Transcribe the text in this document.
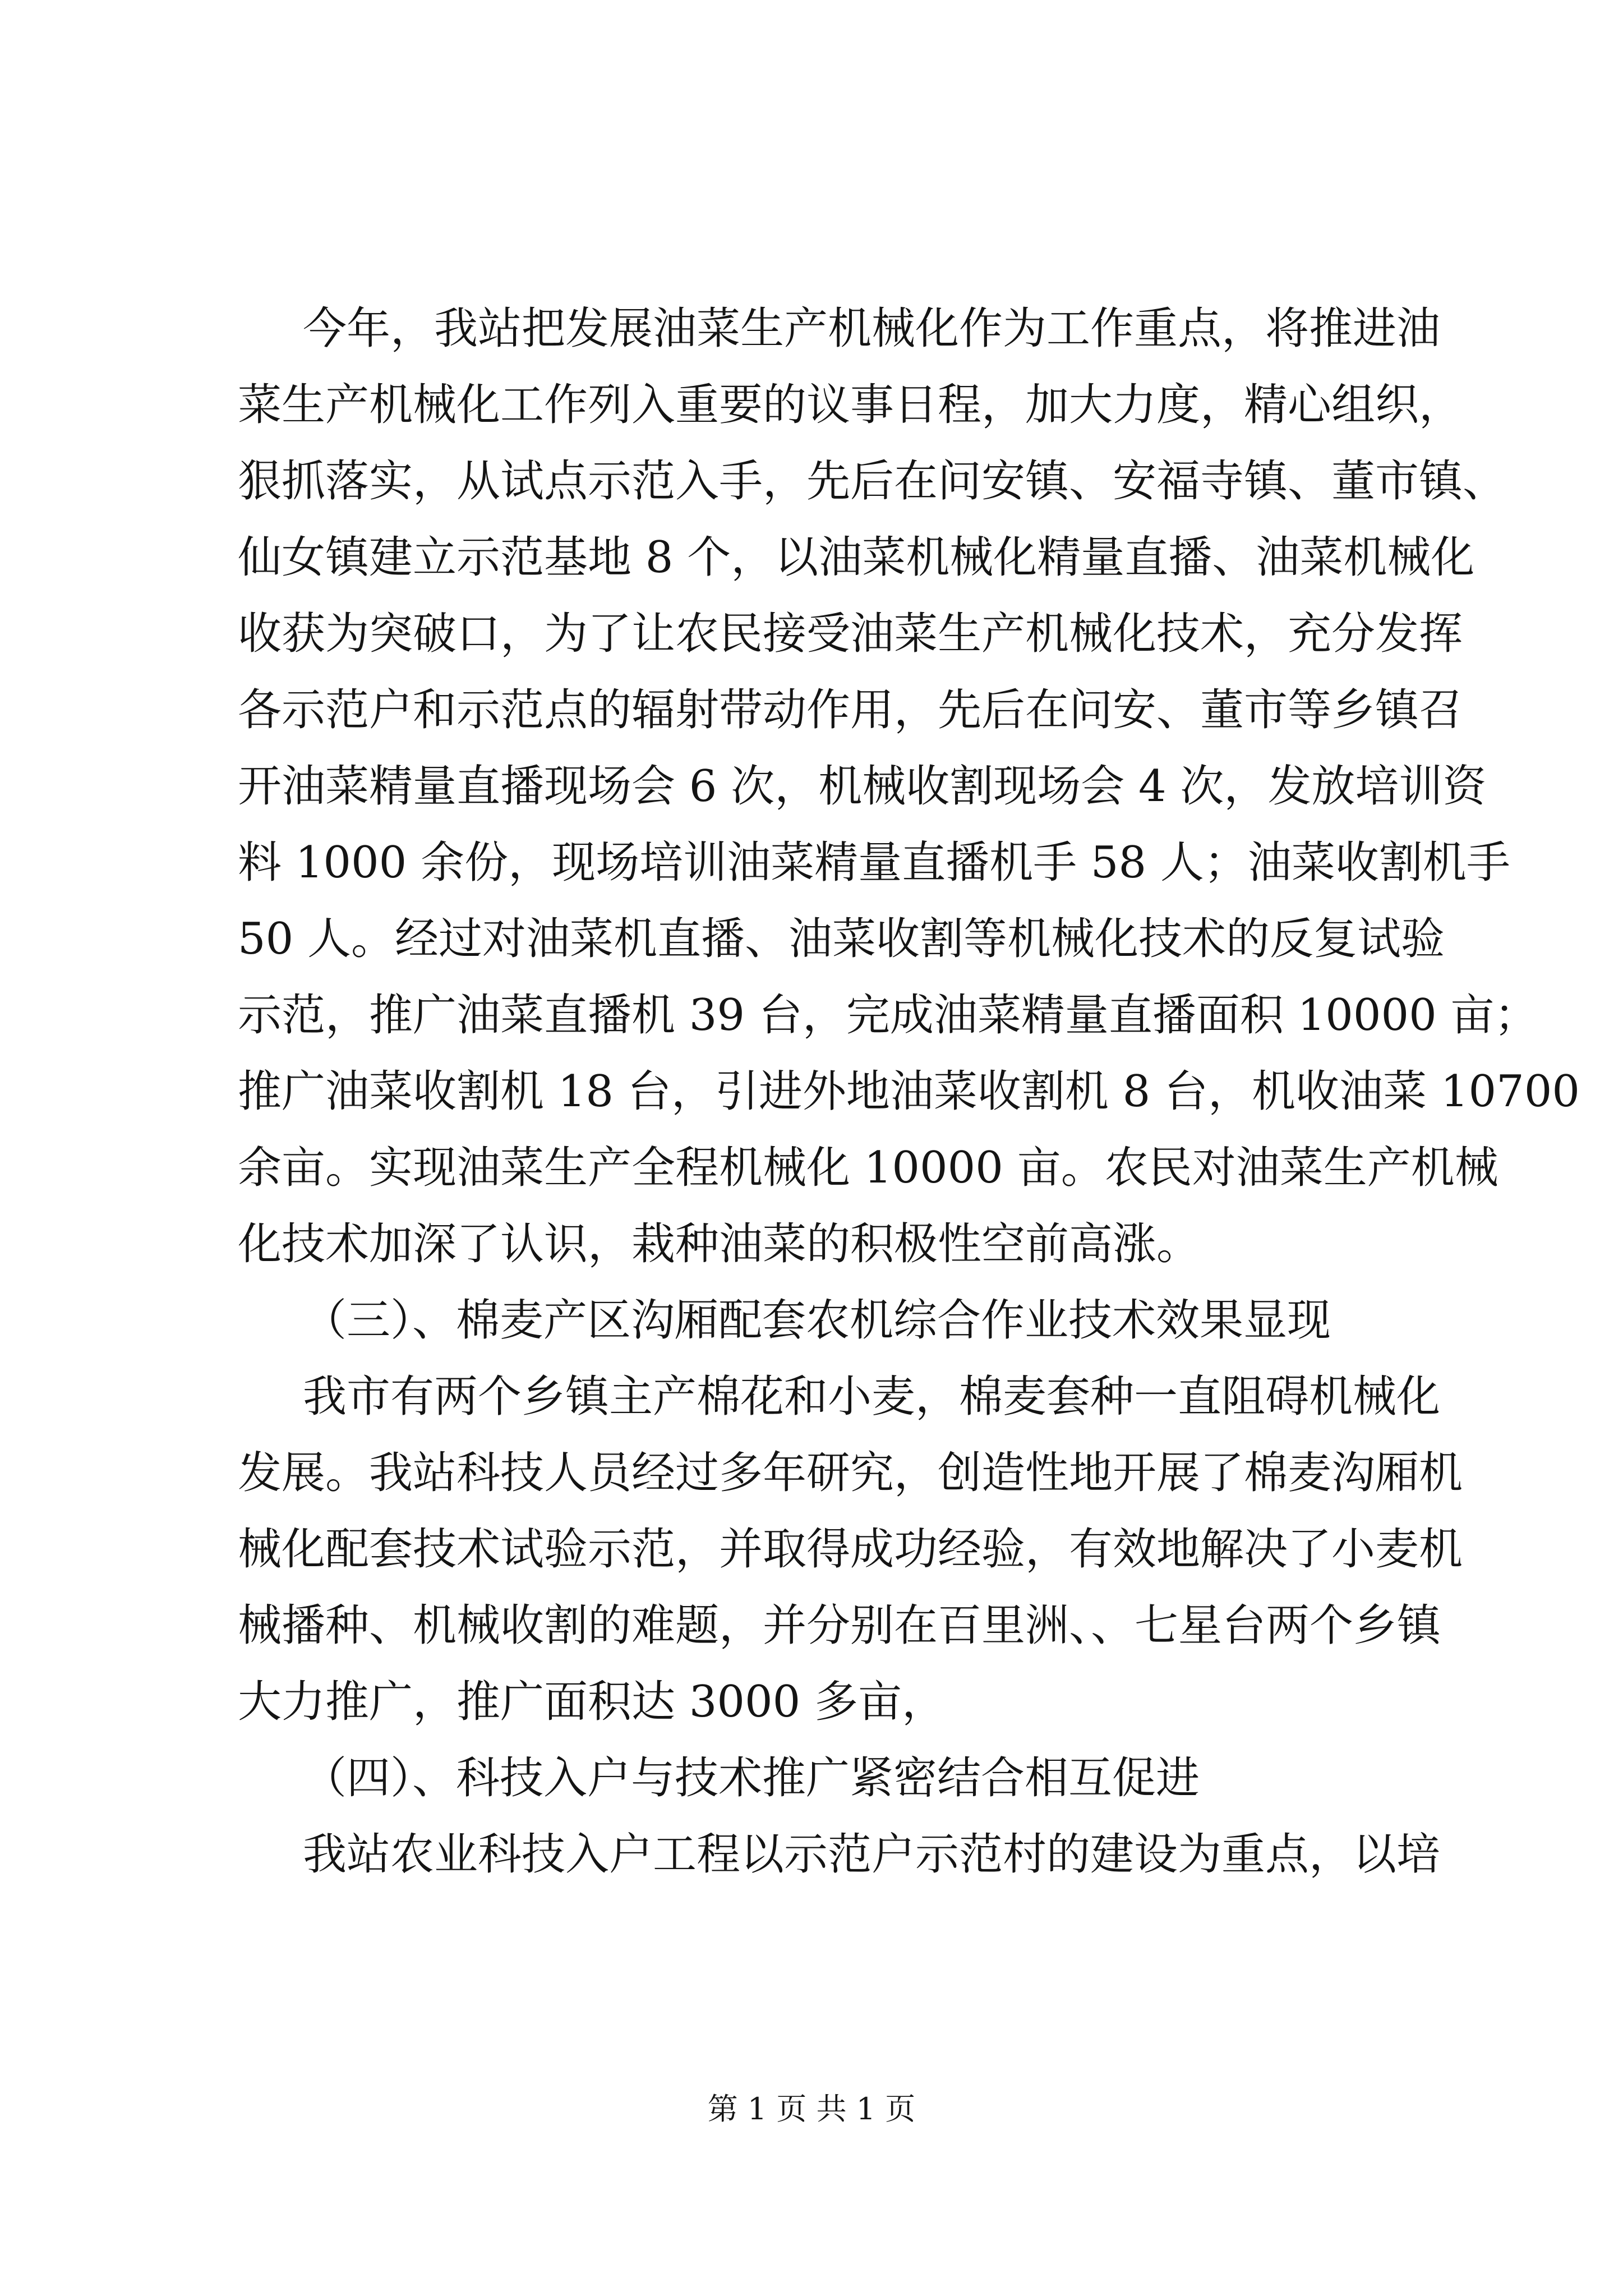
今年，我站把发展油菜生产机械化作为工作重点，将推进油

菜生产机械化工作列入重要的议事日程，加大力度，精心组织，

狠抓落实，从试点示范入手，先后在问安镇、安福寺镇、董市镇、

仙女镇建立示范基地 8 个，以油菜机械化精量直播、油菜机械化

收获为突破口，为了让农民接受油菜生产机械化技术，充分发挥

各示范户和示范点的辐射带动作用，先后在问安、董市等乡镇召

开油菜精量直播现场会 6 次，机械收割现场会 4 次，发放培训资

料 1000 余份，现场培训油菜精量直播机手 58 人；油菜收割机手

50 人。经过对油菜机直播、油菜收割等机械化技术的反复试验

示范，推广油菜直播机 39 台，完成油菜精量直播面积 10000 亩；

推广油菜收割机 18 台，引进外地油菜收割机 8 台，机收油菜 10700

余亩。实现油菜生产全程机械化 10000 亩。农民对油菜生产机械

化技术加深了认识，栽种油菜的积极性空前高涨。

（三）、棉麦产区沟厢配套农机综合作业技术效果显现

我市有两个乡镇主产棉花和小麦，棉麦套种一直阻碍机械化

发展。我站科技人员经过多年研究，创造性地开展了棉麦沟厢机

械化配套技术试验示范，并取得成功经验，有效地解决了小麦机

械播种、机械收割的难题，并分别在百里洲、、七星台两个乡镇

大力推广，推广面积达 3000 多亩，

（四）、科技入户与技术推广紧密结合相互促进

我站农业科技入户工程以示范户示范村的建设为重点，以培

第 1 页 共 1 页
